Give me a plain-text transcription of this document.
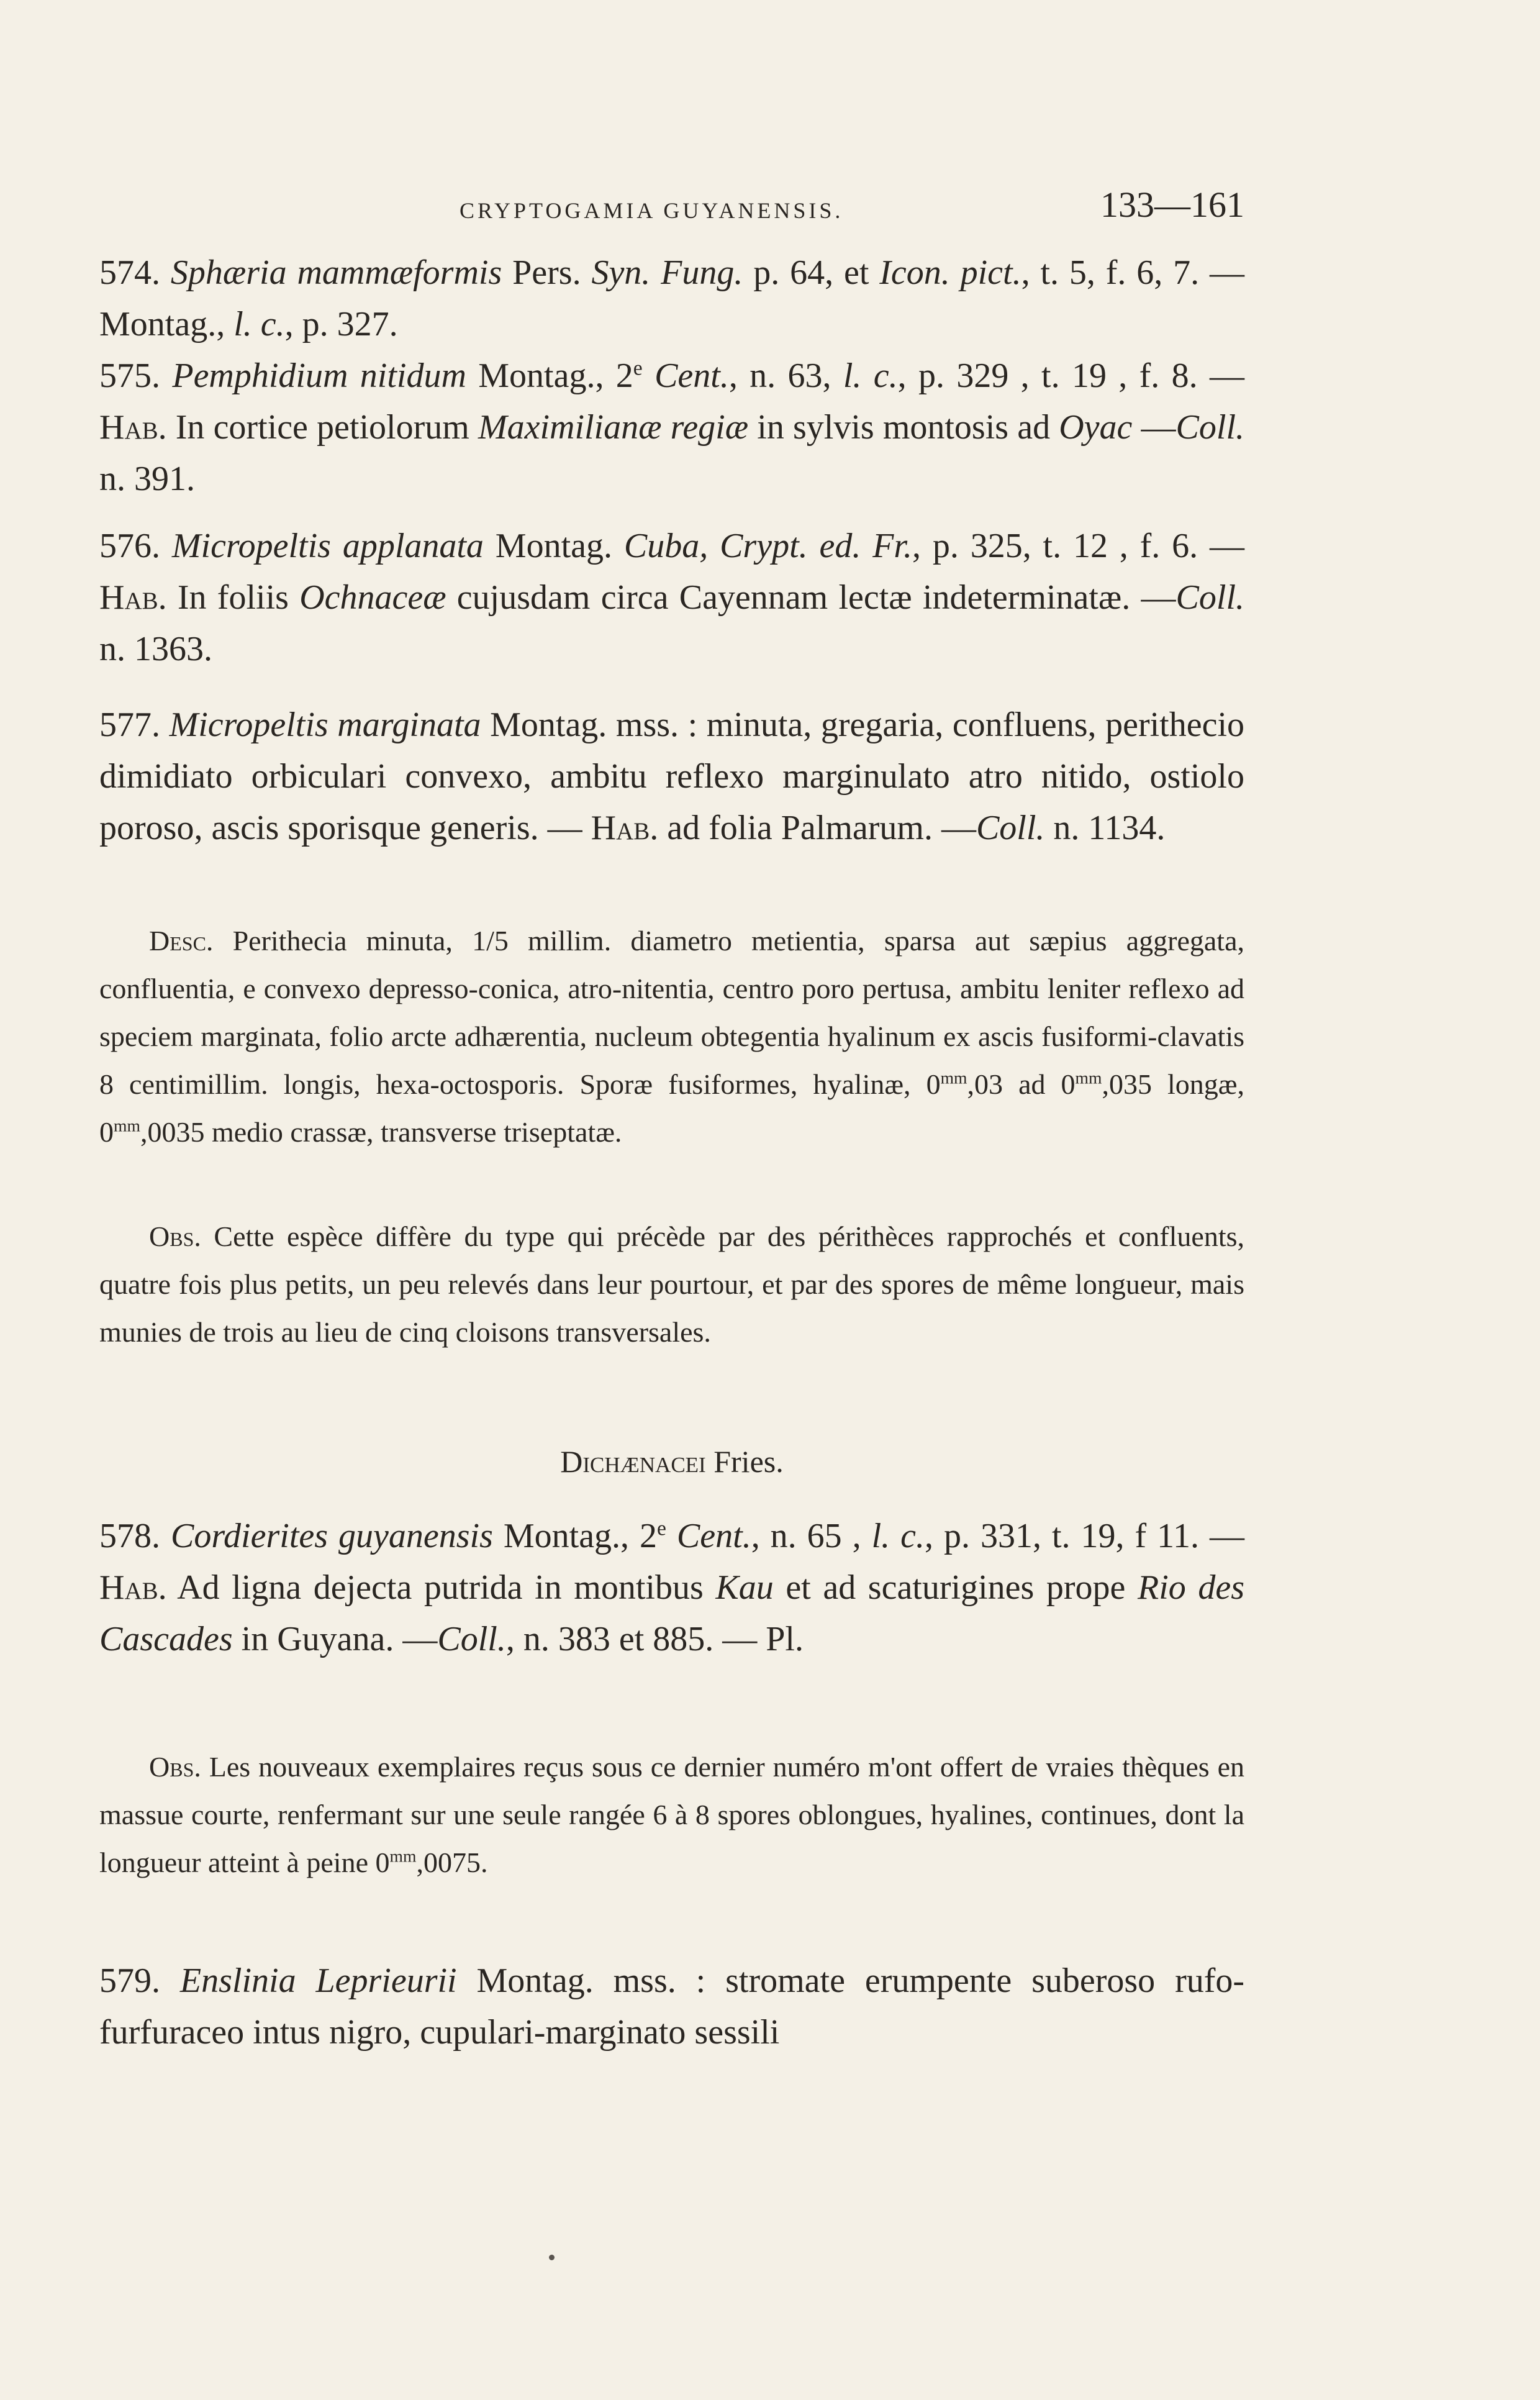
CRYPTOGAMIA GUYANENSIS.	133—161

574. Sphæria mammæformis Pers. Syn. Fung. p. 64, et Icon. pict., t. 5, f. 6, 7. —Montag., l. c., p. 327.

575. Pemphidium nitidum Montag., 2e Cent., n. 63, l. c., p. 329 , t. 19 , f. 8. — Hab. In cortice petiolorum Maximilianæ regiæ in sylvis montosis ad Oyac —Coll. n. 391.

576. Micropeltis applanata Montag. Cuba, Crypt. ed. Fr., p. 325, t. 12 , f. 6. — Hab. In foliis Ochnaceæ cujusdam circa Cayennam lectæ indeterminatæ. —Coll. n. 1363.

577. Micropeltis marginata Montag. mss. : minuta, gregaria, confluens, perithecio dimidiato orbiculari convexo, ambitu reflexo marginulato atro nitido, ostiolo poroso, ascis sporisque generis. — Hab. ad folia Palmarum. —Coll. n. 1134.

Desc. Perithecia minuta, 1/5 millim. diametro metientia, sparsa aut sæpius aggregata, confluentia, e convexo depresso-conica, atro-nitentia, centro poro pertusa, ambitu leniter reflexo ad speciem marginata, folio arcte adhærentia, nucleum obtegentia hyalinum ex ascis fusiformi-clavatis 8 centimillim. longis, hexa-octosporis. Sporæ fusiformes, hyalinæ, $0^{mm},03$ ad $0^{mm},035$ longæ, $0^{mm},0035$ medio crassæ, transverse triseptatæ.

Obs. Cette espèce diffère du type qui précède par des périthèces rapprochés et confluents, quatre fois plus petits, un peu relevés dans leur pourtour, et par des spores de même longueur, mais munies de trois au lieu de cinq cloisons transversales.

Dichænacei Fries.

578. Cordierites guyanensis Montag., 2e Cent., n. 65 , l. c., p. 331, t. 19, f 11. — Hab. Ad ligna dejecta putrida in montibus Kau et ad scaturigines prope Rio des Cascades in Guyana. —Coll., n. 383 et 885. — Pl.

Obs. Les nouveaux exemplaires reçus sous ce dernier numéro m'ont offert de vraies thèques en massue courte, renfermant sur une seule rangée 6 à 8 spores oblongues, hyalines, continues, dont la longueur atteint à peine $0^{mm},0075$.

579. Enslinia Leprieurii Montag. mss. : stromate erumpente suberoso rufo-furfuraceo intus nigro, cupulari-marginato sessili
